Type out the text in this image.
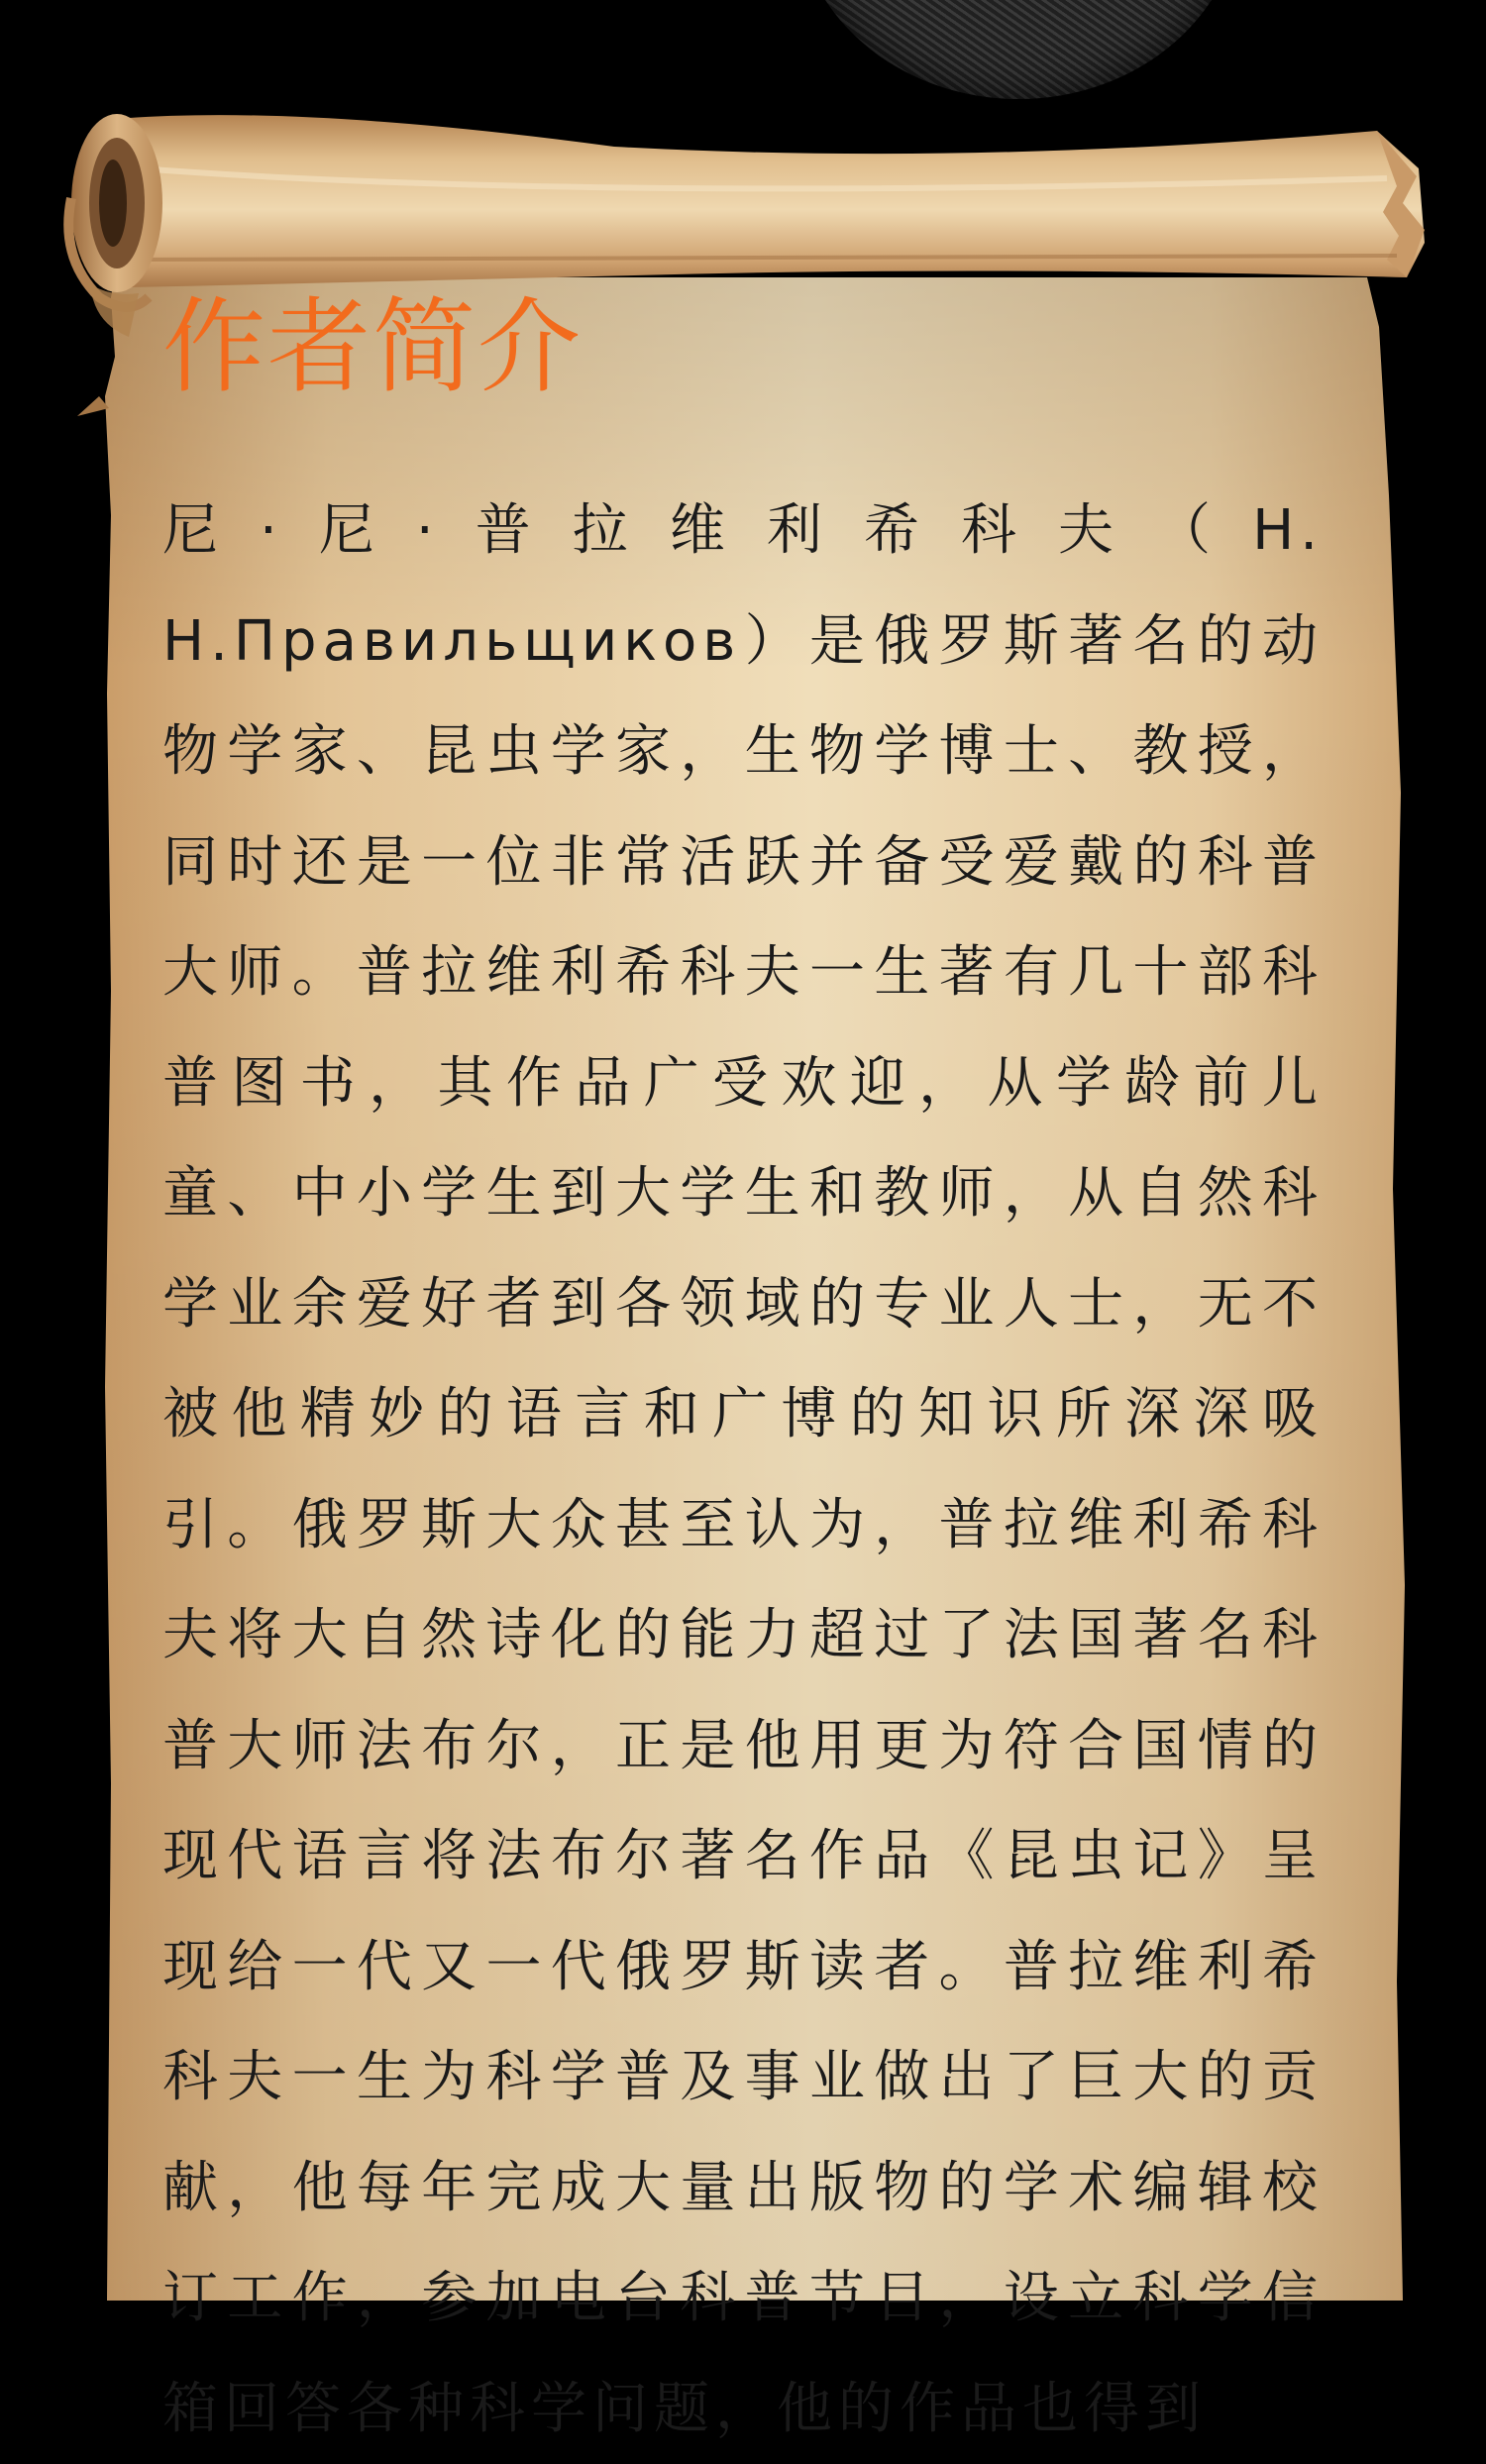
作者简介

尼·尼·普拉维利希科夫（Н. Н.Правильщиков）是俄罗斯著名的动物学家、昆虫学家，生物学博士、教授，同时还是一位非常活跃并备受爱戴的科普大师。普拉维利希科夫一生著有几十部科普图书，其作品广受欢迎，从学龄前儿童、中小学生到大学生和教师，从自然科学业余爱好者到各领域的专业人士，无不被他精妙的语言和广博的知识所深深吸引。俄罗斯大众甚至认为，普拉维利希科夫将大自然诗化的能力超过了法国著名科普大师法布尔，正是他用更为符合国情的现代语言将法布尔著名作品《昆虫记》呈现给一代又一代俄罗斯读者。普拉维利希科夫一生为科学普及事业做出了巨大的贡献，他每年完成大量出版物的学术编辑校订工作，参加电台科普节目，设立科学信箱回答各种科学问题，他的作品也得到
